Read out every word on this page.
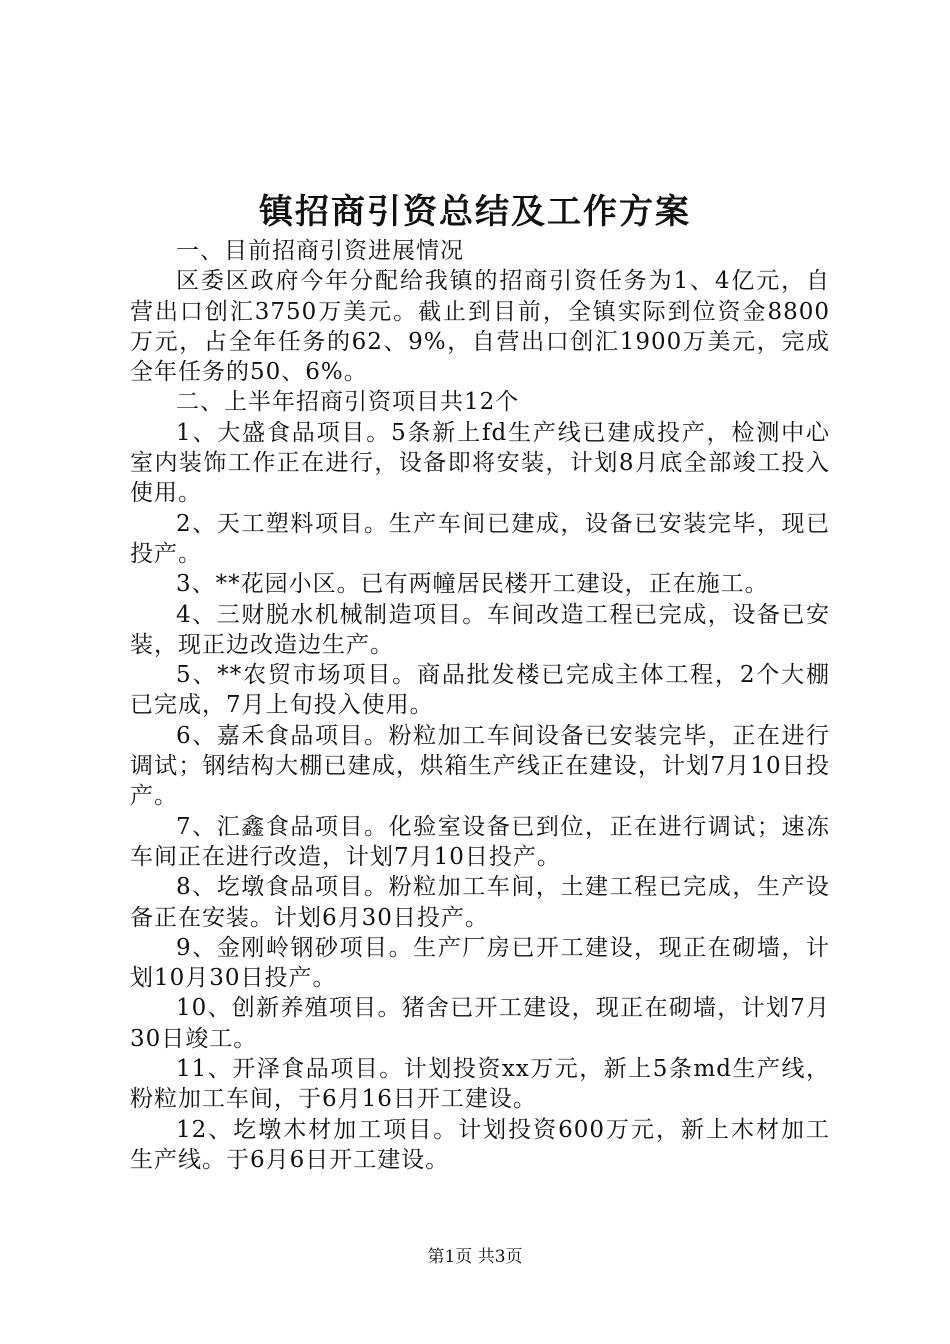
镇招商引资总结及工作方案

一、目前招商引资进展情况

区委区政府今年分配给我镇的招商引资任务为1、4亿元，自营出口创汇3750万美元。截止到目前，全镇实际到位资金8800万元，占全年任务的62、9%，自营出口创汇1900万美元，完成全年任务的50、6%。

二、上半年招商引资项目共12个

1、大盛食品项目。5条新上fd生产线已建成投产，检测中心室内装饰工作正在进行，设备即将安装，计划8月底全部竣工投入使用。

2、天工塑料项目。生产车间已建成，设备已安装完毕，现已投产。

3、**花园小区。已有两幢居民楼开工建设，正在施工。

4、三财脱水机械制造项目。车间改造工程已完成，设备已安装，现正边改造边生产。

5、**农贸市场项目。商品批发楼已完成主体工程，2个大棚已完成，7月上旬投入使用。

6、嘉禾食品项目。粉粒加工车间设备已安装完毕，正在进行调试；钢结构大棚已建成，烘箱生产线正在建设，计划7月10日投产。

7、汇鑫食品项目。化验室设备已到位，正在进行调试；速冻车间正在进行改造，计划7月10日投产。

8、圪墩食品项目。粉粒加工车间，土建工程已完成，生产设备正在安装。计划6月30日投产。

9、金刚岭钢砂项目。生产厂房已开工建设，现正在砌墙，计划10月30日投产。

10、创新养殖项目。猪舍已开工建设，现正在砌墙，计划7月30日竣工。

11、开泽食品项目。计划投资xx万元，新上5条md生产线，粉粒加工车间，于6月16日开工建设。

12、圪墩木材加工项目。计划投资600万元，新上木材加工生产线。于6月6日开工建设。

第1页 共3页
